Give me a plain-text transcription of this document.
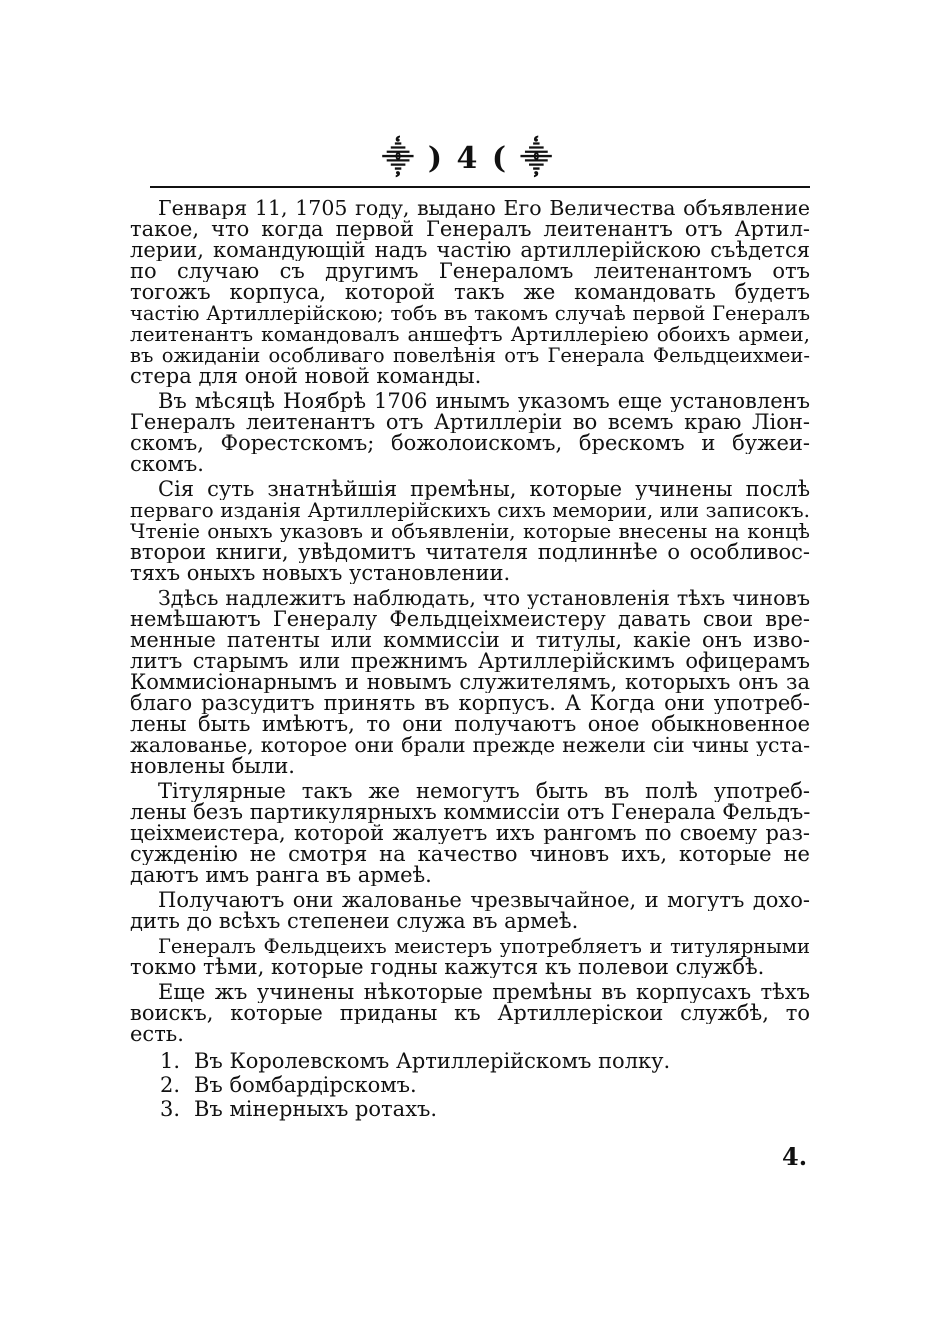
⸎ ) 4 ( ⸎
Генваря 11, 1705 году, выдано Его Величества объявление
такое, что когда первой Генералъ леитенантъ отъ Артил-
лерии, командующій надъ частію артиллерійскою съѣдется
по случаю съ другимъ Генераломъ леитенантомъ отъ
тогожъ корпуса, которой такъ же командовать будетъ
частію Артиллерійскою; тобъ въ такомъ случаѣ первой Генералъ
леитенантъ командовалъ аншефтъ Артиллеріею обоихъ армеи,
въ ожиданіи особливаго повелѣнія отъ Генерала Фельдцеихмеи-
стера для оной новой команды.
Въ мѣсяцѣ Ноябрѣ 1706 инымъ указомъ еще установленъ
Генералъ леитенантъ отъ Артиллеріи во всемъ краю Ліон-
скомъ, Форестскомъ; божолоискомъ, брескомъ и бужеи-
скомъ.
Сія суть знатнѣйшія премѣны, которые учинены послѣ
перваго изданія Артиллерійскихъ сихъ мемории, или записокъ.
Чтеніе оныхъ указовъ и объявленіи, которые внесены на концѣ
второи книги, увѣдомитъ читателя подлиннѣе о особливос-
тяхъ оныхъ новыхъ установлении.
Здѣсь надлежитъ наблюдать, что установленія тѣхъ чиновъ
немѣшаютъ Генералу Фельдцеіхмеистеру давать свои вре-
менные патенты или коммиссіи и титулы, какіе онъ изво-
литъ старымъ или прежнимъ Артиллерійскимъ офицерамъ
Коммисіонарнымъ и новымъ служителямъ, которыхъ онъ за
благо разсудитъ принять въ корпусъ. А Когда они употреб-
лены быть имѣютъ, то они получаютъ оное обыкновенное
жалованье, которое они брали прежде нежели сіи чины уста-
новлены были.
Тітулярные такъ же немогутъ быть въ полѣ употреб-
лены безъ партикулярныхъ коммиссіи отъ Генерала Фельдъ-
цеіхмеистера, которой жалуетъ ихъ рангомъ по своему раз-
сужденію не смотря на качество чиновъ ихъ, которые не
даютъ имъ ранга въ армеѣ.
Получаютъ они жалованье чрезвычайное, и могутъ дохо-
дить до всѣхъ степенеи служа въ армеѣ.
Генералъ Фельдцеихъ меистеръ употребляетъ и титулярными
токмо тѣми, которые годны кажутся къ полевои службѣ.
Еще жъ учинены нѣкоторые премѣны въ корпусахъ тѣхъ
воискъ, которые приданы къ Артиллеріскои службѣ, то
есть.
1. Въ Королевскомъ Артиллерійскомъ полку.
2. Въ бомбардірскомъ.
3. Въ мінерныхъ ротахъ.
4.
